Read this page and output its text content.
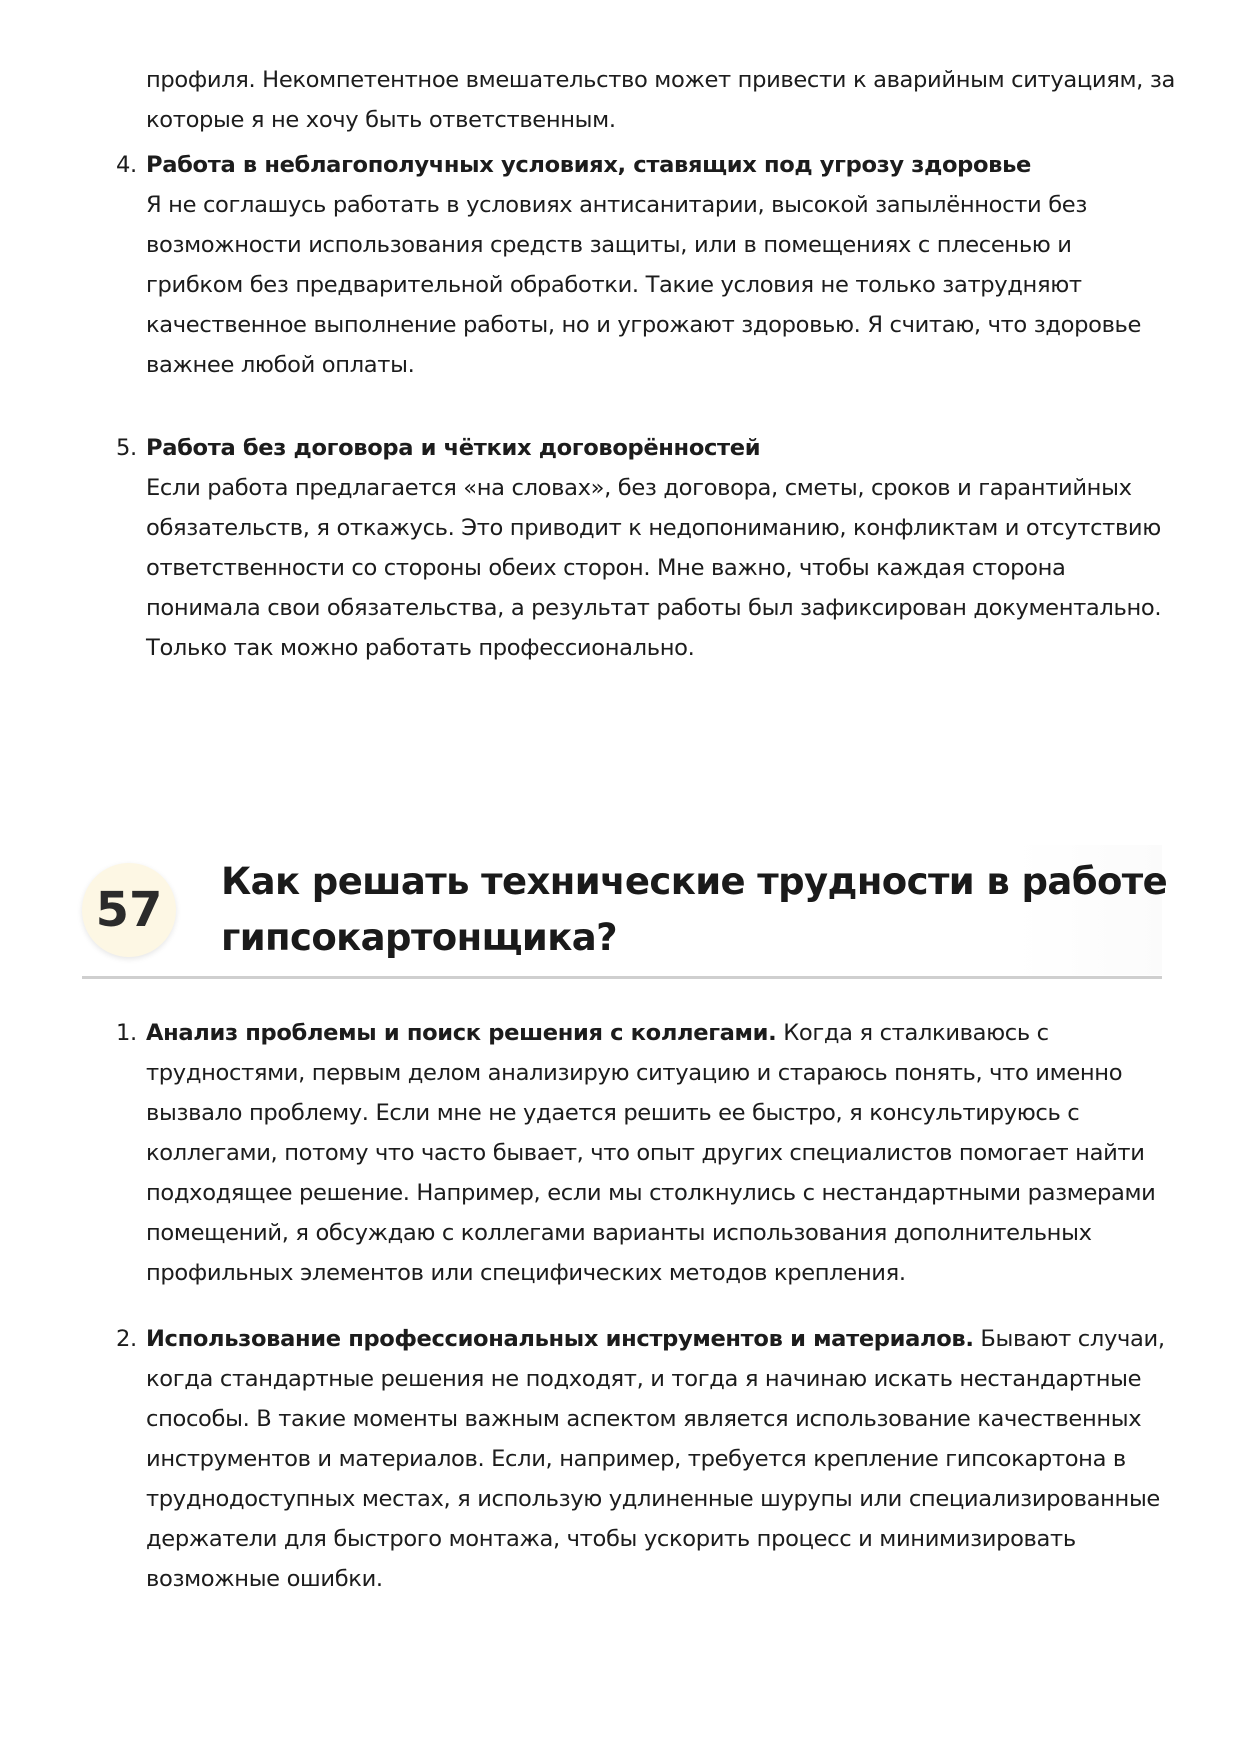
профиля. Некомпетентное вмешательство может привести к аварийным ситуациям, за
которые я не хочу быть ответственным.
4. Работа в неблагополучных условиях, ставящих под угрозу здоровье
Я не соглашусь работать в условиях антисанитарии, высокой запылённости без
возможности использования средств защиты, или в помещениях с плесенью и
грибком без предварительной обработки. Такие условия не только затрудняют
качественное выполнение работы, но и угрожают здоровью. Я считаю, что здоровье
важнее любой оплаты.
5. Работа без договора и чётких договорённостей
Если работа предлагается «на словах», без договора, сметы, сроков и гарантийных
обязательств, я откажусь. Это приводит к недопониманию, конфликтам и отсутствию
ответственности со стороны обеих сторон. Мне важно, чтобы каждая сторона
понимала свои обязательства, а результат работы был зафиксирован документально.
Только так можно работать профессионально.
57
Как решать технические трудности в работе
гипсокартонщика?
1. Анализ проблемы и поиск решения с коллегами. Когда я сталкиваюсь с
трудностями, первым делом анализирую ситуацию и стараюсь понять, что именно
вызвало проблему. Если мне не удается решить ее быстро, я консультируюсь с
коллегами, потому что часто бывает, что опыт других специалистов помогает найти
подходящее решение. Например, если мы столкнулись с нестандартными размерами
помещений, я обсуждаю с коллегами варианты использования дополнительных
профильных элементов или специфических методов крепления.
2. Использование профессиональных инструментов и материалов. Бывают случаи,
когда стандартные решения не подходят, и тогда я начинаю искать нестандартные
способы. В такие моменты важным аспектом является использование качественных
инструментов и материалов. Если, например, требуется крепление гипсокартона в
труднодоступных местах, я использую удлиненные шурупы или специализированные
держатели для быстрого монтажа, чтобы ускорить процесс и минимизировать
возможные ошибки.
